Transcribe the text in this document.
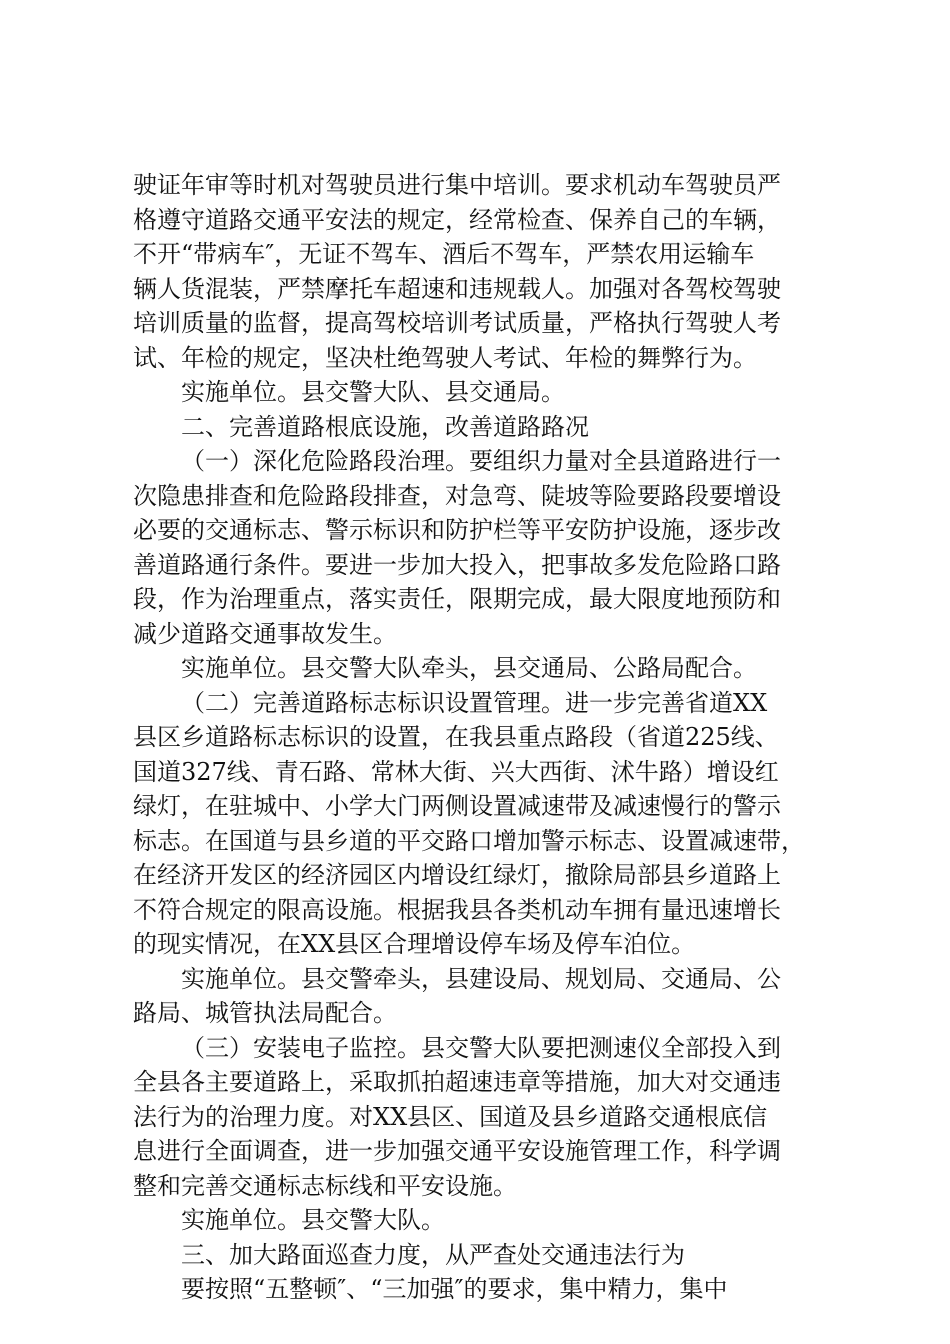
驶证年审等时机对驾驶员进行集中培训。要求机动车驾驶员严
格遵守道路交通平安法的规定，经常检查、保养自己的车辆，
不开“带病车″，无证不驾车、酒后不驾车，严禁农用运输车
辆人货混装，严禁摩托车超速和违规载人。加强对各驾校驾驶
培训质量的监督，提高驾校培训考试质量，严格执行驾驶人考
试、年检的规定，坚决杜绝驾驶人考试、年检的舞弊行为。
实施单位。县交警大队、县交通局。
二、完善道路根底设施，改善道路路况
（一）深化危险路段治理。要组织力量对全县道路进行一
次隐患排查和危险路段排查，对急弯、陡坡等险要路段要增设
必要的交通标志、警示标识和防护栏等平安防护设施，逐步改
善道路通行条件。要进一步加大投入，把事故多发危险路口路
段，作为治理重点，落实责任，限期完成，最大限度地预防和
减少道路交通事故发生。
实施单位。县交警大队牵头，县交通局、公路局配合。
（二）完善道路标志标识设置管理。进一步完善省道XX
县区乡道路标志标识的设置，在我县重点路段（省道225线、
国道327线、青石路、常林大街、兴大西街、沭牛路）增设红
绿灯，在驻城中、小学大门两侧设置减速带及减速慢行的警示
标志。在国道与县乡道的平交路口增加警示标志、设置减速带，
在经济开发区的经济园区内增设红绿灯，撤除局部县乡道路上
不符合规定的限高设施。根据我县各类机动车拥有量迅速增长
的现实情况，在XX县区合理增设停车场及停车泊位。
实施单位。县交警牵头，县建设局、规划局、交通局、公
路局、城管执法局配合。
（三）安装电子监控。县交警大队要把测速仪全部投入到
全县各主要道路上，采取抓拍超速违章等措施，加大对交通违
法行为的治理力度。对XX县区、国道及县乡道路交通根底信
息进行全面调查，进一步加强交通平安设施管理工作，科学调
整和完善交通标志标线和平安设施。
实施单位。县交警大队。
三、加大路面巡查力度，从严查处交通违法行为
要按照“五整顿″、“三加强″的要求，集中精力，集中
